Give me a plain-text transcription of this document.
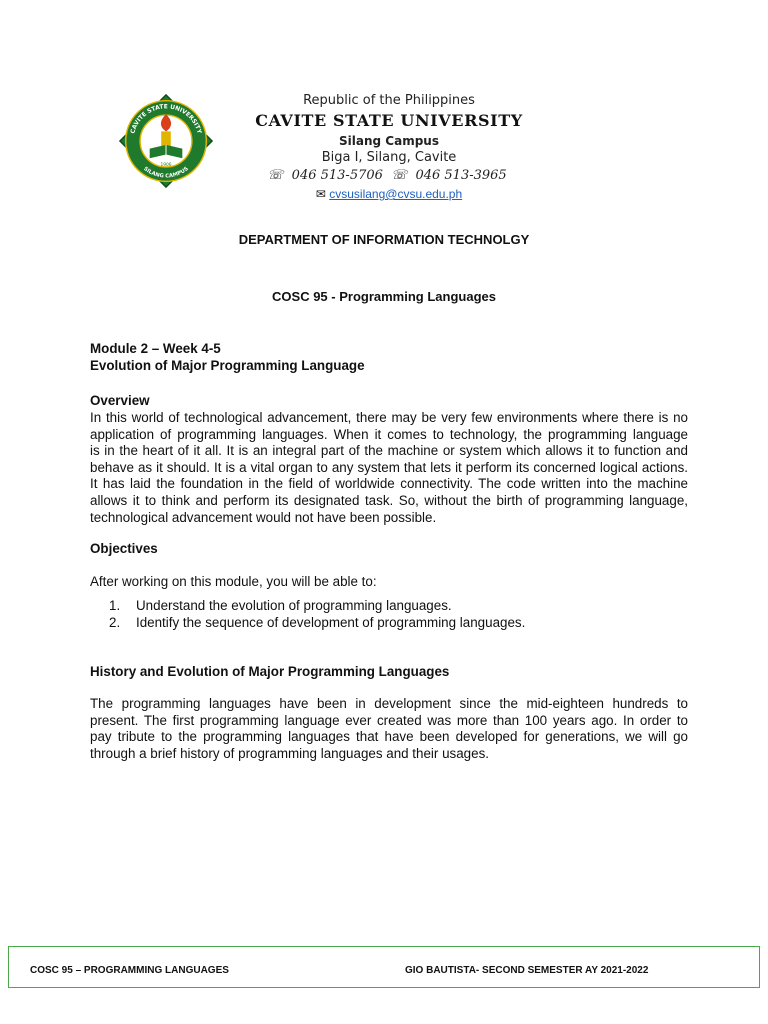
CAVITE STATE UNIVERSITY
SILANG CAMPUS
1906
Republic of the Philippines
CAVITE STATE UNIVERSITY
Silang Campus
Biga I, Silang, Cavite
☏ 046 513-5706 ☏ 046 513-3965
✉ cvsusilang@cvsu.edu.ph
DEPARTMENT OF INFORMATION TECHNOLGY
COSC 95 - Programming Languages
Module 2 – Week 4-5
Evolution of Major Programming Language
Overview
In this world of technological advancement, there may be very few environments where there is no
application of programming languages. When it comes to technology, the programming language
is in the heart of it all. It is an integral part of the machine or system which allows it to function and
behave as it should. It is a vital organ to any system that lets it perform its concerned logical actions.
It has laid the foundation in the field of worldwide connectivity. The code written into the machine
allows it to think and perform its designated task. So, without the birth of programming language,
technological advancement would not have been possible.
Objectives
After working on this module, you will be able to:
1.	Understand the evolution of programming languages.
2.	Identify the sequence of development of programming languages.
History and Evolution of Major Programming Languages
The programming languages have been in development since the mid-eighteen hundreds to
present. The first programming language ever created was more than 100 years ago. In order to
pay tribute to the programming languages that have been developed for generations, we will go
through a brief history of programming languages and their usages.
COSC 95 – PROGRAMMING LANGUAGES	GIO BAUTISTA- SECOND SEMESTER AY 2021-2022
